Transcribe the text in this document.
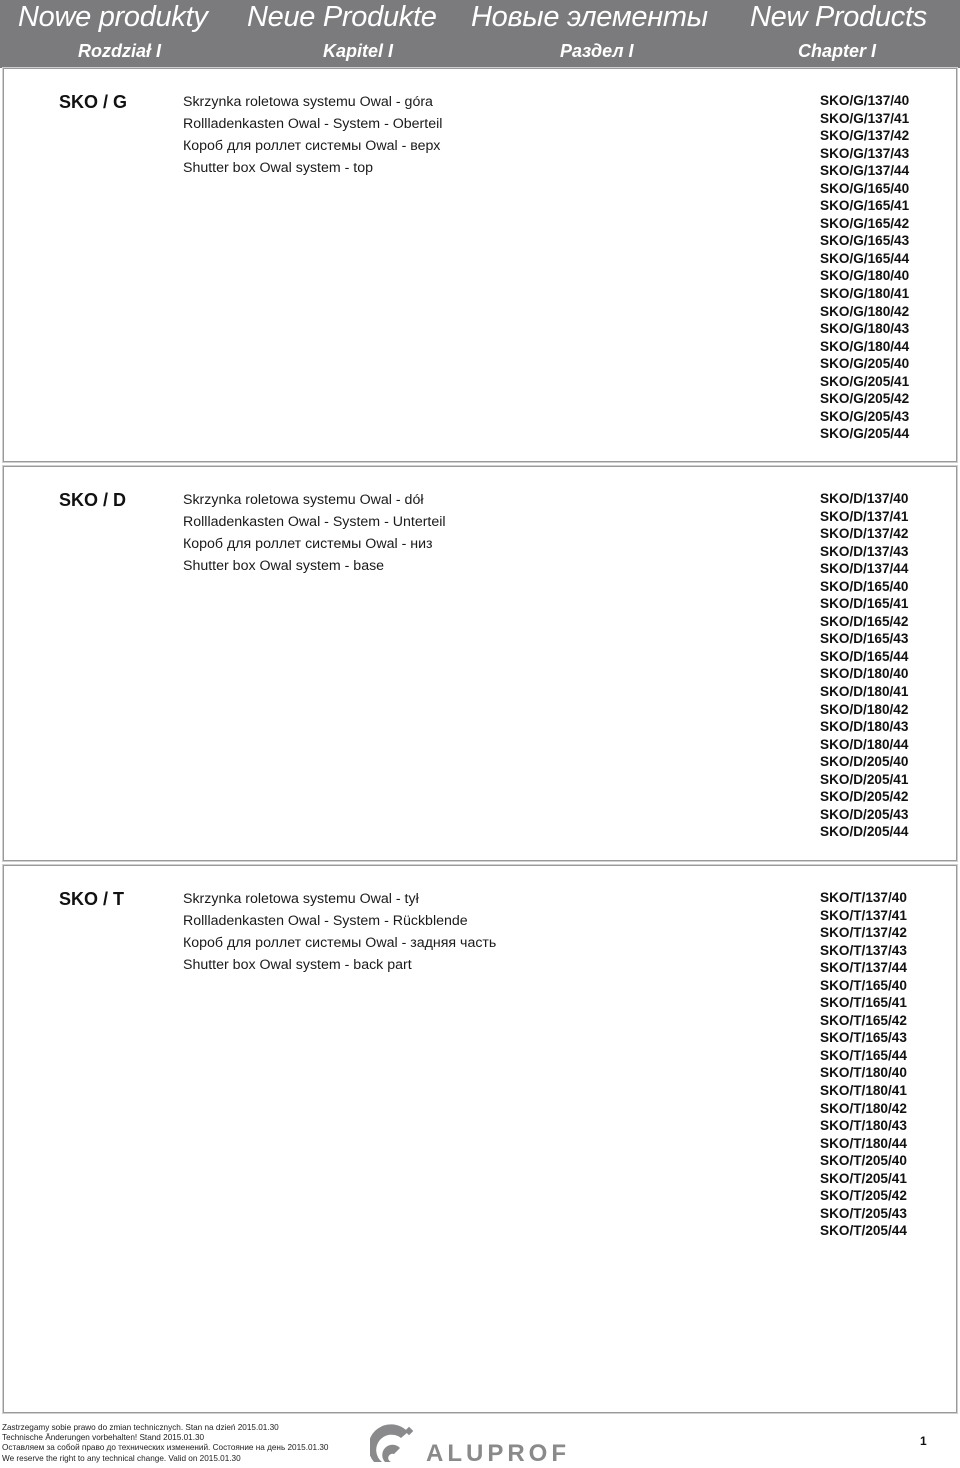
Nowe produkty Neue Produkte Новые элементы New Products
Rozdział I	Kapitel I	Раздел I	Chapter I
SKO / G	Skrzynka roletowa systemu Owal - góra
Rollladenkasten Owal - System - Oberteil
Короб для роллет системы Owal - верх
Shutter box Owal system - top
SKO/G/137/40
SKO/G/137/41
SKO/G/137/42
SKO/G/137/43
SKO/G/137/44
SKO/G/165/40
SKO/G/165/41
SKO/G/165/42
SKO/G/165/43
SKO/G/165/44
SKO/G/180/40
SKO/G/180/41
SKO/G/180/42
SKO/G/180/43
SKO/G/180/44
SKO/G/205/40
SKO/G/205/41
SKO/G/205/42
SKO/G/205/43
SKO/G/205/44
SKO / D	Skrzynka roletowa systemu Owal - dół
Rollladenkasten Owal - System - Unterteil
Короб для роллет системы Owal - низ
Shutter box Owal system - base
SKO/D/137/40
SKO/D/137/41
SKO/D/137/42
SKO/D/137/43
SKO/D/137/44
SKO/D/165/40
SKO/D/165/41
SKO/D/165/42
SKO/D/165/43
SKO/D/165/44
SKO/D/180/40
SKO/D/180/41
SKO/D/180/42
SKO/D/180/43
SKO/D/180/44
SKO/D/205/40
SKO/D/205/41
SKO/D/205/42
SKO/D/205/43
SKO/D/205/44
SKO / T	Skrzynka roletowa systemu Owal - tył
Rollladenkasten Owal - System - Rückblende
Короб для роллет системы Owal - задняя часть
Shutter box Owal system - back part
SKO/T/137/40
SKO/T/137/41
SKO/T/137/42
SKO/T/137/43
SKO/T/137/44
SKO/T/165/40
SKO/T/165/41
SKO/T/165/42
SKO/T/165/43
SKO/T/165/44
SKO/T/180/40
SKO/T/180/41
SKO/T/180/42
SKO/T/180/43
SKO/T/180/44
SKO/T/205/40
SKO/T/205/41
SKO/T/205/42
SKO/T/205/43
SKO/T/205/44
Zastrzegamy sobie prawo do zmian technicznych. Stan na dzień 2015.01.30
Technische Änderungen vorbehalten! Stand 2015.01.30
Оставляем за собой право до технических изменений. Состояние на день 2015.01.30
We reserve the right to any technical change. Valid on 2015.01.30	ALUPROF	1
